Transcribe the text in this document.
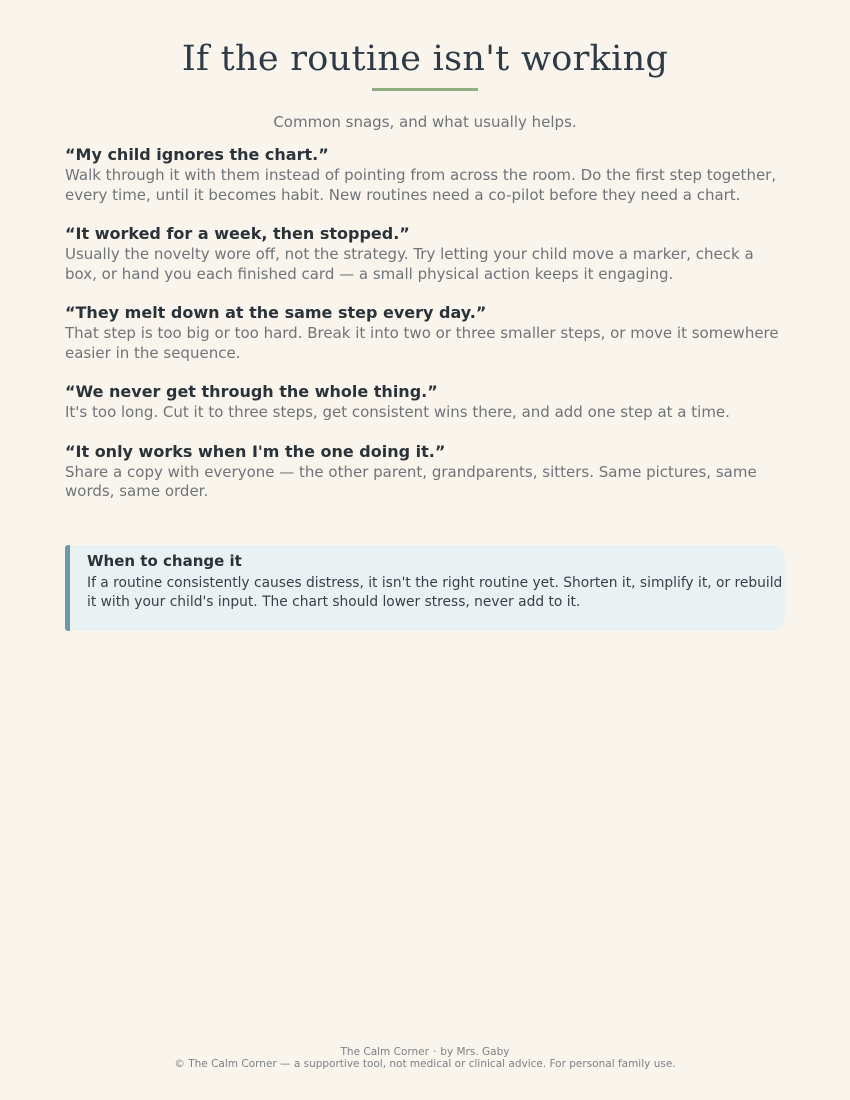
If the routine isn't working

Common snags, and what usually helps.

“My child ignores the chart.”

Walk through it with them instead of pointing from across the room. Do the first step together, every time, until it becomes habit. New routines need a co-pilot before they need a chart.

“It worked for a week, then stopped.”

Usually the novelty wore off, not the strategy. Try letting your child move a marker, check a box, or hand you each finished card — a small physical action keeps it engaging.

“They melt down at the same step every day.”

That step is too big or too hard. Break it into two or three smaller steps, or move it somewhere easier in the sequence.

“We never get through the whole thing.”

It's too long. Cut it to three steps, get consistent wins there, and add one step at a time.

“It only works when I'm the one doing it.”

Share a copy with everyone — the other parent, grandparents, sitters. Same pictures, same words, same order.

When to change it

If a routine consistently causes distress, it isn't the right routine yet. Shorten it, simplify it, or rebuild it with your child's input. The chart should lower stress, never add to it.

The Calm Corner · by Mrs. Gaby

© The Calm Corner — a supportive tool, not medical or clinical advice. For personal family use.
